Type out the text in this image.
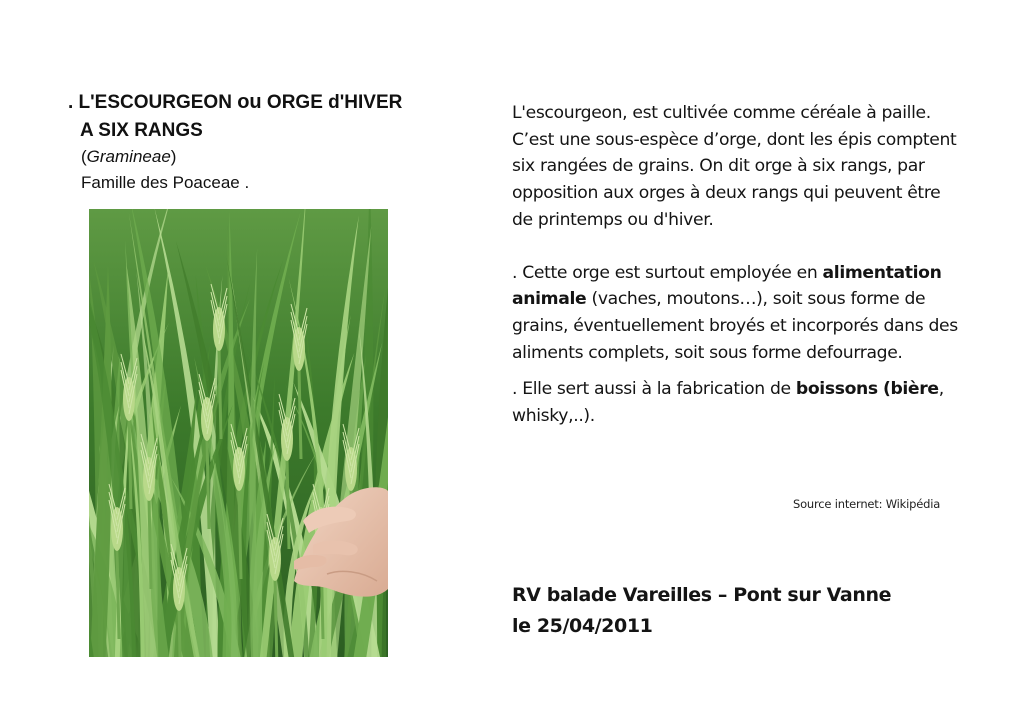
. L'ESCOURGEON ou ORGE d'HIVER
A SIX RANGS

(Gramineae)

Famille des Poaceae .

L'escourgeon, est cultivée comme céréale à paille. C’est une sous-espèce d’orge, dont les épis comptent six rangées de grains. On dit orge à six rangs, par opposition aux orges à deux rangs qui peuvent être de printemps ou d'hiver.

. Cette orge est surtout employée en alimentation animale (vaches, moutons…), soit sous forme de grains, éventuellement broyés et incorporés dans des aliments complets, soit sous forme defourrage.

. Elle sert aussi à la fabrication de boissons (bière, whisky,..).

Source internet: Wikipédia
RV balade Vareilles – Pont sur Vanne
le 25/04/2011
